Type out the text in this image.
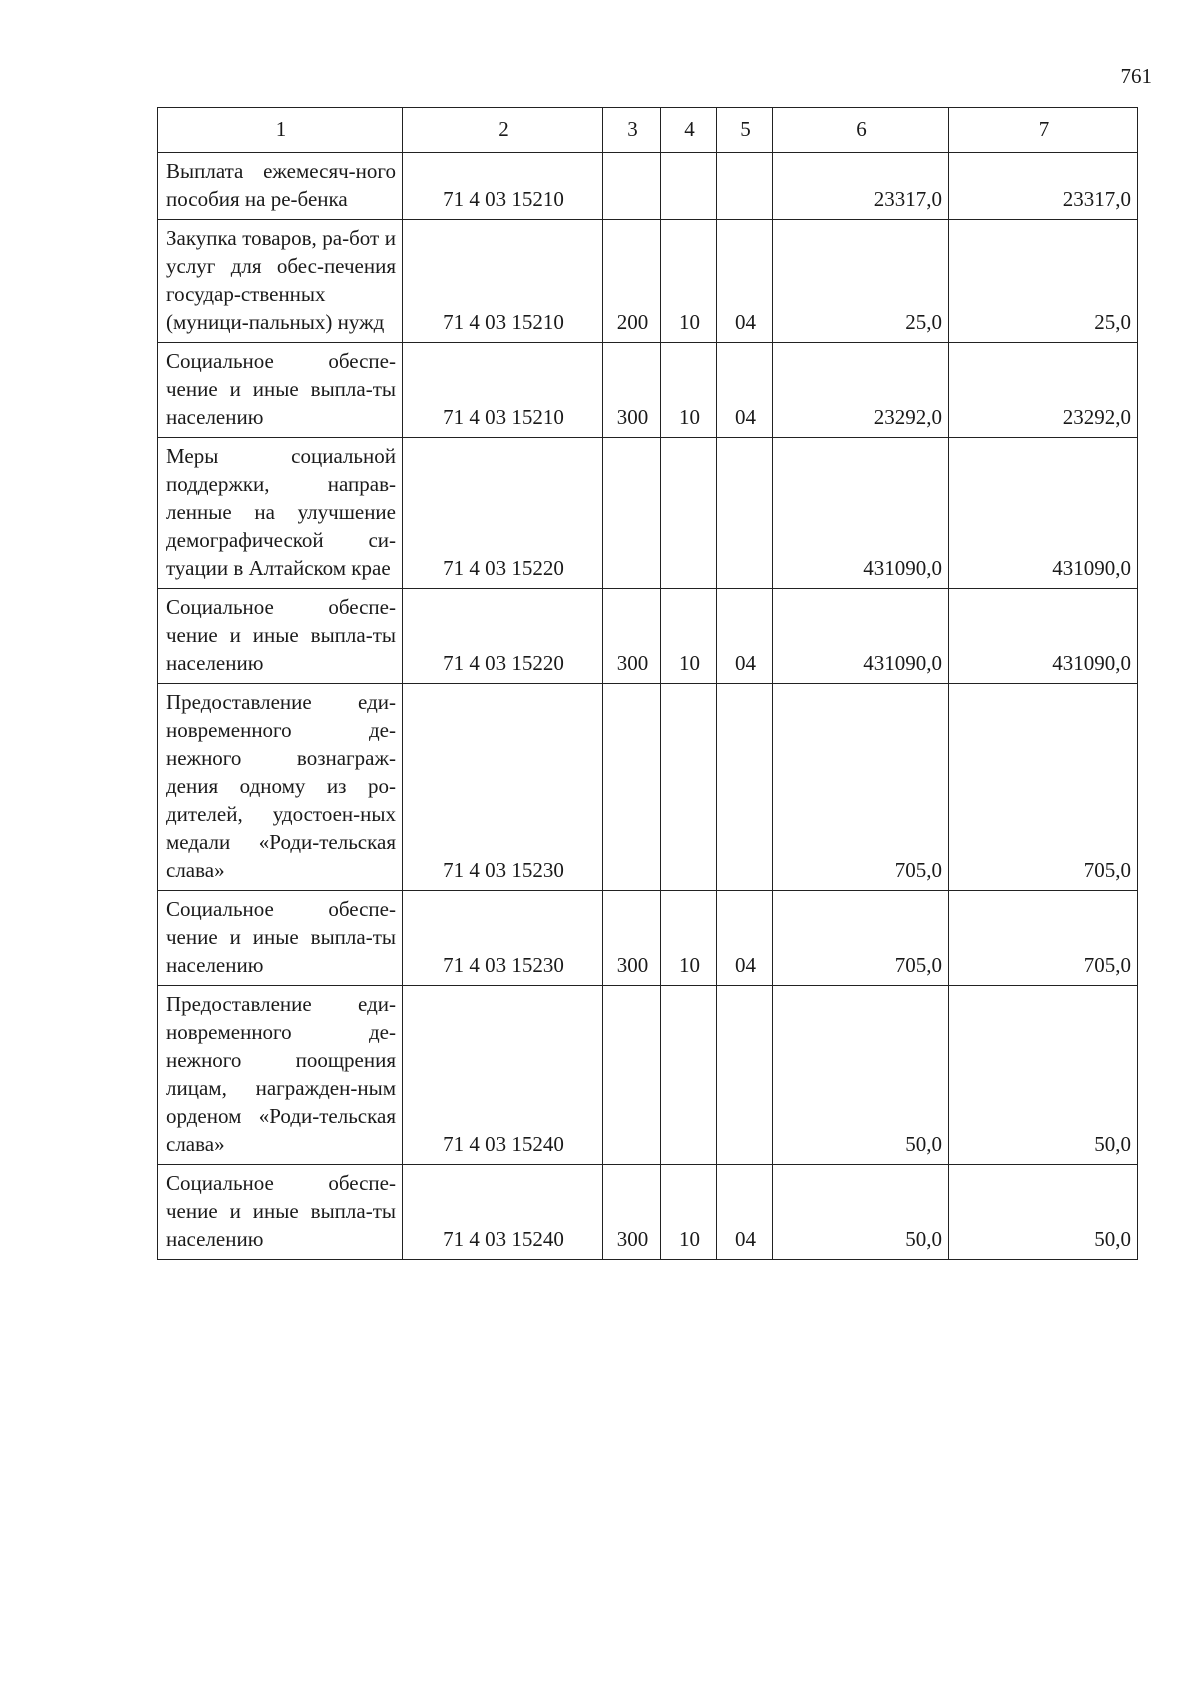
761
1	2	3	4	5	6	7
Выплата ежемесяч-ного пособия на ре-бенка	71 4 03 15210				23317,0	23317,0
Закупка товаров, ра-бот и услуг для обес-печения государ-ственных (муници-пальных) нужд	71 4 03 15210	200	10	04	25,0	25,0
Социальное обеспе-чение и иные выпла-ты населению	71 4 03 15210	300	10	04	23292,0	23292,0
Меры социальной поддержки, направ-ленные на улучшение демографической си-туации в Алтайском крае	71 4 03 15220				431090,0	431090,0
Социальное обеспе-чение и иные выпла-ты населению	71 4 03 15220	300	10	04	431090,0	431090,0
Предоставление еди-новременного де-нежного вознаграж-дения одному из ро-дителей, удостоен-ных медали «Роди-тельская слава»	71 4 03 15230				705,0	705,0
Социальное обеспе-чение и иные выпла-ты населению	71 4 03 15230	300	10	04	705,0	705,0
Предоставление еди-новременного де-нежного поощрения лицам, награжден-ным орденом «Роди-тельская слава»	71 4 03 15240				50,0	50,0
Социальное обеспе-чение и иные выпла-ты населению	71 4 03 15240	300	10	04	50,0	50,0
